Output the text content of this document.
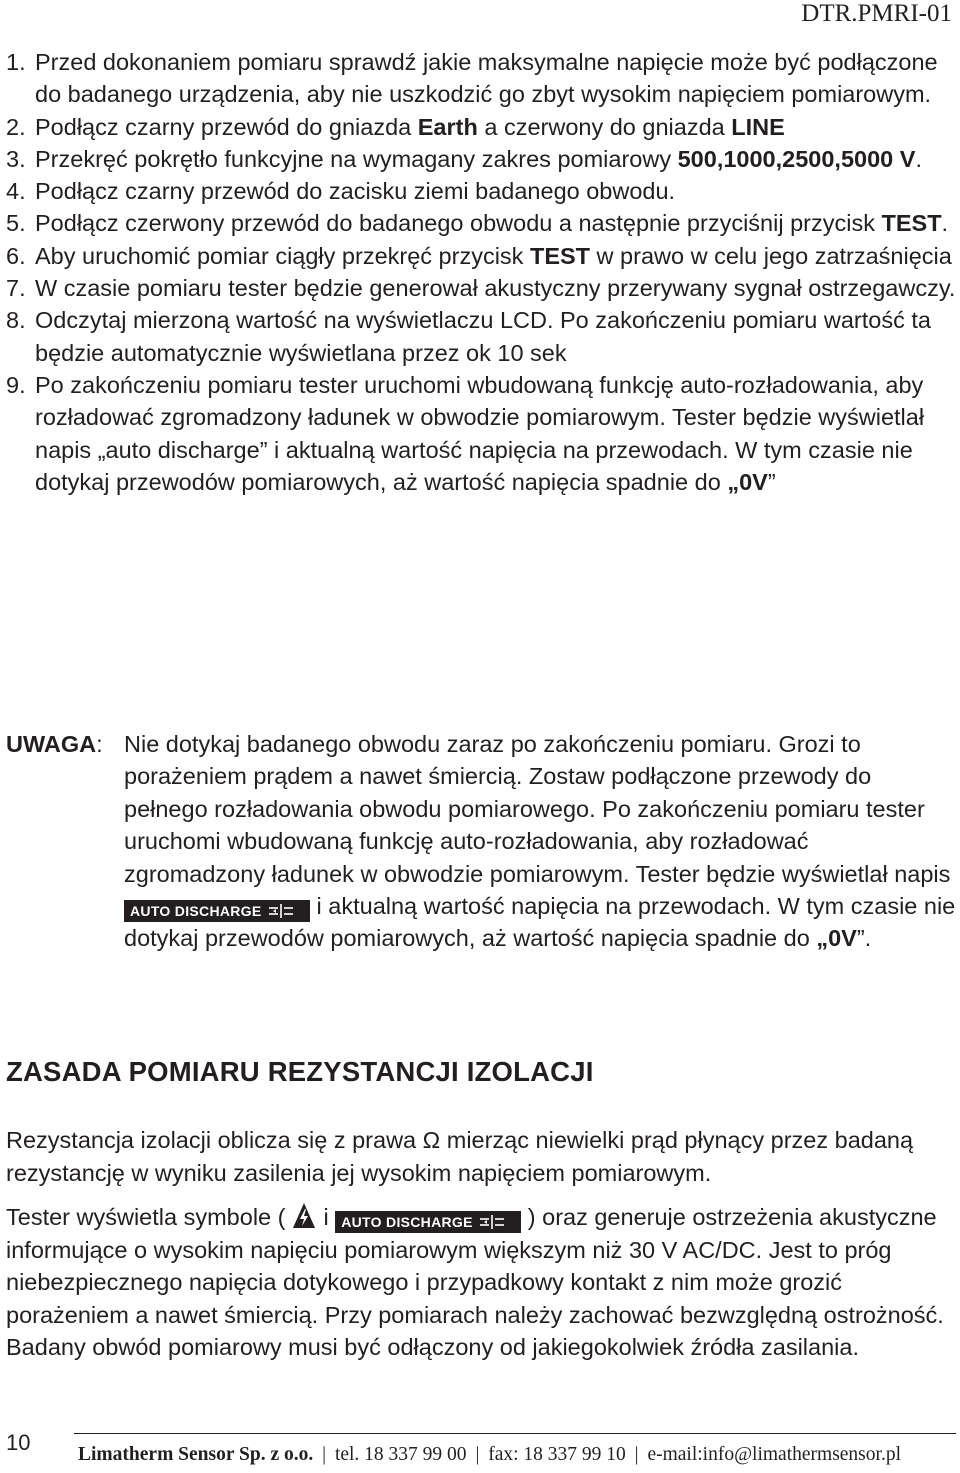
DTR.PMRI-01
1. Przed dokonaniem pomiaru sprawdź jakie maksymalne napięcie może być podłączone do badanego urządzenia, aby nie uszkodzić go zbyt wysokim napięciem pomiarowym.
2. Podłącz czarny przewód do gniazda Earth a czerwony do gniazda LINE
3. Przekręć pokrętło funkcyjne na wymagany zakres pomiarowy 500,1000,2500,5000 V.
4. Podłącz czarny przewód do zacisku ziemi badanego obwodu.
5. Podłącz czerwony przewód do badanego obwodu a następnie przyciśnij przycisk TEST.
6. Aby uruchomić pomiar ciągły przekręć przycisk TEST w prawo w celu jego zatrzaśnięcia
7. W czasie pomiaru tester będzie generował akustyczny przerywany sygnał ostrzegawczy.
8. Odczytaj mierzoną wartość na wyświetlaczu LCD. Po zakończeniu pomiaru wartość ta będzie automatycznie wyświetlana przez ok 10 sek
9. Po zakończeniu pomiaru tester uruchomi wbudowaną funkcję auto-rozładowania, aby rozładować zgromadzony ładunek w obwodzie pomiarowym. Tester będzie wyświetlał napis „auto discharge” i aktualną wartość napięcia na przewodach. W tym czasie nie dotykaj przewodów pomiarowych, aż wartość napięcia spadnie do „0V”
UWAGA: Nie dotykaj badanego obwodu zaraz po zakończeniu pomiaru. Grozi to porażeniem prądem a nawet śmiercią. Zostaw podłączone przewody do pełnego rozładowania obwodu pomiarowego. Po zakończeniu pomiaru tester uruchomi wbudowaną funkcję auto-rozładowania, aby rozładować zgromadzony ładunek w obwodzie pomiarowym. Tester będzie wyświetlał napis

AUTO DISCHARGE i aktualną wartość napięcia na przewodach. W tym czasie nie dotykaj przewodów pomiarowych, aż wartość napięcia spadnie do „0V”.
ZASADA POMIARU REZYSTANCJI IZOLACJI

Rezystancja izolacji oblicza się z prawa Ω mierząc niewielki prąd płynący przez badaną rezystancję w wyniku zasilenia jej wysokim napięciem pomiarowym.

Tester wyświetla symbole ( i AUTO DISCHARGE ) oraz generuje ostrzeżenia akustyczne informujące o wysokim napięciu pomiarowym większym niż 30 V AC/DC. Jest to próg niebezpiecznego napięcia dotykowego i przypadkowy kontakt z nim może grozić porażeniem a nawet śmiercią. Przy pomiarach należy zachować bezwzględną ostrożność. Badany obwód pomiarowy musi być odłączony od jakiegokolwiek źródła zasilania.

10 Limatherm Sensor Sp. z o.o. | tel. 18 337 99 00 | fax: 18 337 99 10 | e-mail:info@limathermsensor.pl
